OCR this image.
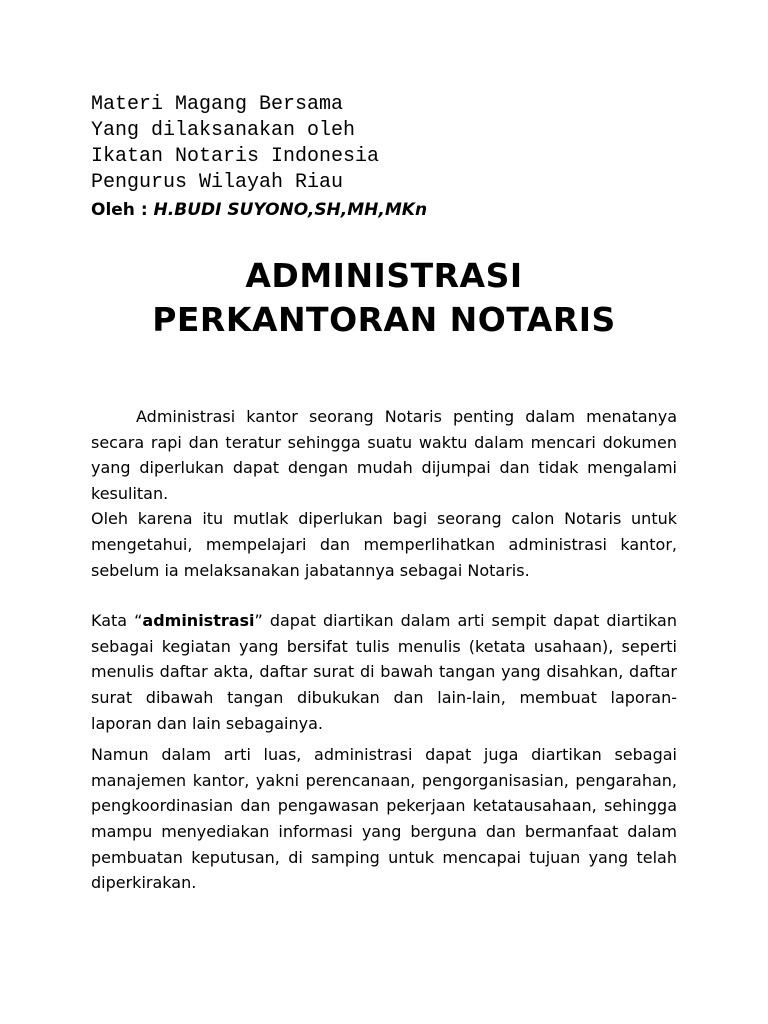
Materi Magang Bersama

Yang dilaksanakan oleh

Ikatan Notaris Indonesia

Pengurus Wilayah Riau

Oleh : H.BUDI SUYONO,SH,MH,MKn

ADMINISTRASI
PERKANTORAN NOTARIS

Administrasi kantor seorang Notaris penting dalam menatanya secara rapi dan teratur sehingga suatu waktu dalam mencari dokumen yang diperlukan dapat dengan mudah dijumpai dan tidak mengalami kesulitan.

Oleh karena itu mutlak diperlukan bagi seorang calon Notaris untuk mengetahui, mempelajari dan memperlihatkan administrasi kantor, sebelum ia melaksanakan jabatannya sebagai Notaris.

Kata “administrasi” dapat diartikan dalam arti sempit dapat diartikan sebagai kegiatan yang bersifat tulis menulis (ketata usahaan), seperti menulis daftar akta, daftar surat di bawah tangan yang disahkan, daftar surat dibawah tangan dibukukan dan lain-lain, membuat laporan-laporan dan lain sebagainya.

Namun dalam arti luas, administrasi dapat juga diartikan sebagai manajemen kantor, yakni perencanaan, pengorganisasian, pengarahan, pengkoordinasian dan pengawasan pekerjaan ketatausahaan, sehingga mampu menyediakan informasi yang berguna dan bermanfaat dalam pembuatan keputusan, di samping untuk mencapai tujuan yang telah diperkirakan.
